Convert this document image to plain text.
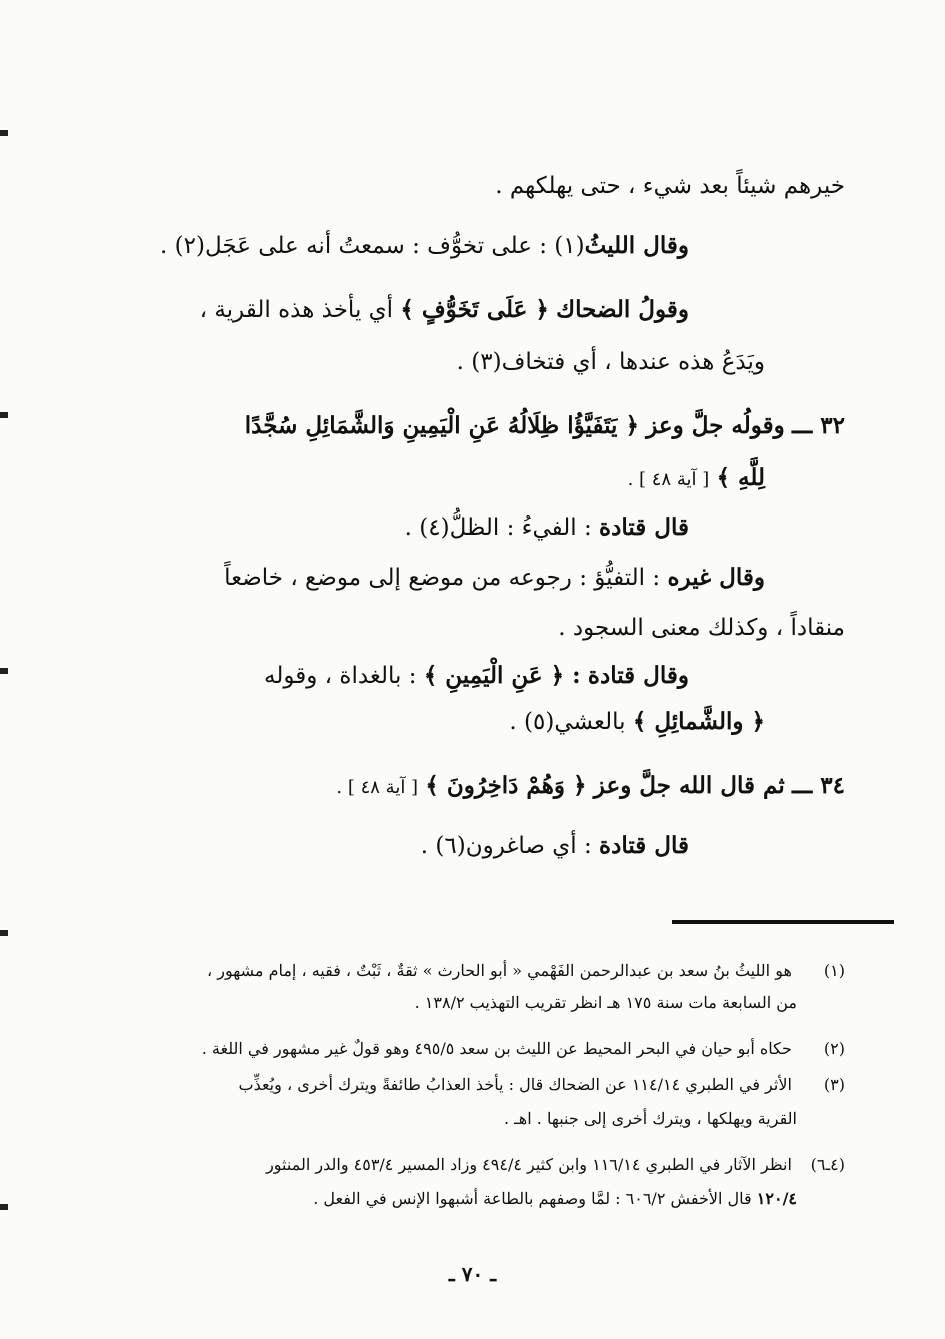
خيرهم شيئاً بعد شيء ، حتى يهلكهم .
وقال الليثُ(١) : على تخوُّف : سمعتُ أنه على عَجَل(٢) .
وقولُ الضحاك ﴿ عَلَى تَخَوُّفٍ ﴾ أي يأخذ هذه القرية ،
ويَدَعُ هذه عندها ، أي فتخاف(٣) .
٣٢ ـــ وقولُه جلَّ وعز ﴿ يَتَفَيَّؤُا ظِلَالُهُ عَنِ الْيَمِينِ وَالشَّمَائِلِ سُجَّدًا
لِلَّهِ ﴾ [ آية ٤٨ ] .
قال قتادة : الفيءُ : الظلُّ(٤) .
وقال غيره : التفيُّؤ : رجوعه من موضع إلى موضع ، خاضعاً
منقاداً ، وكذلك معنى السجود .
وقال قتادة : ﴿ عَنِ الْيَمِينِ ﴾ : بالغداة ، وقوله
﴿ والشَّمائِلِ ﴾ بالعشي(٥) .
٣٤ ـــ ثم قال الله جلَّ وعز ﴿ وَهُمْ دَاخِرُونَ ﴾ [ آية ٤٨ ] .
قال قتادة : أي صاغرون(٦) .
(١) هو الليثُ بنُ سعد بن عبدالرحمن الفَهْمي « أبو الحارث » ثقةٌ ، ثَبْتٌ ، فقيه ، إمام مشهور ،
من السابعة مات سنة ١٧٥ هـ انظر تقريب التهذيب ١٣٨/٢ .
(٢) حكاه أبو حيان في البحر المحيط عن الليث بن سعد ٤٩٥/٥ وهو قولٌ غير مشهور في اللغة .
(٣) الأثر في الطبري ١١٤/١٤ عن الضحاك قال : يأخذ العذابُ طائفةً ويترك أخرى ، ويُعذِّب
القرية ويهلكها ، ويترك أخرى إلى جنبها . اهـ .
(٤ـ٦) انظر الآثار في الطبري ١١٦/١٤ وابن كثير ٤٩٤/٤ وزاد المسير ٤٥٣/٤ والدر المنثور
١٢٠/٤ قال الأخفش ٦٠٦/٢ : لمَّا وصفهم بالطاعة أشبهوا الإنس في الفعل .
ـ ٧٠ ـ
